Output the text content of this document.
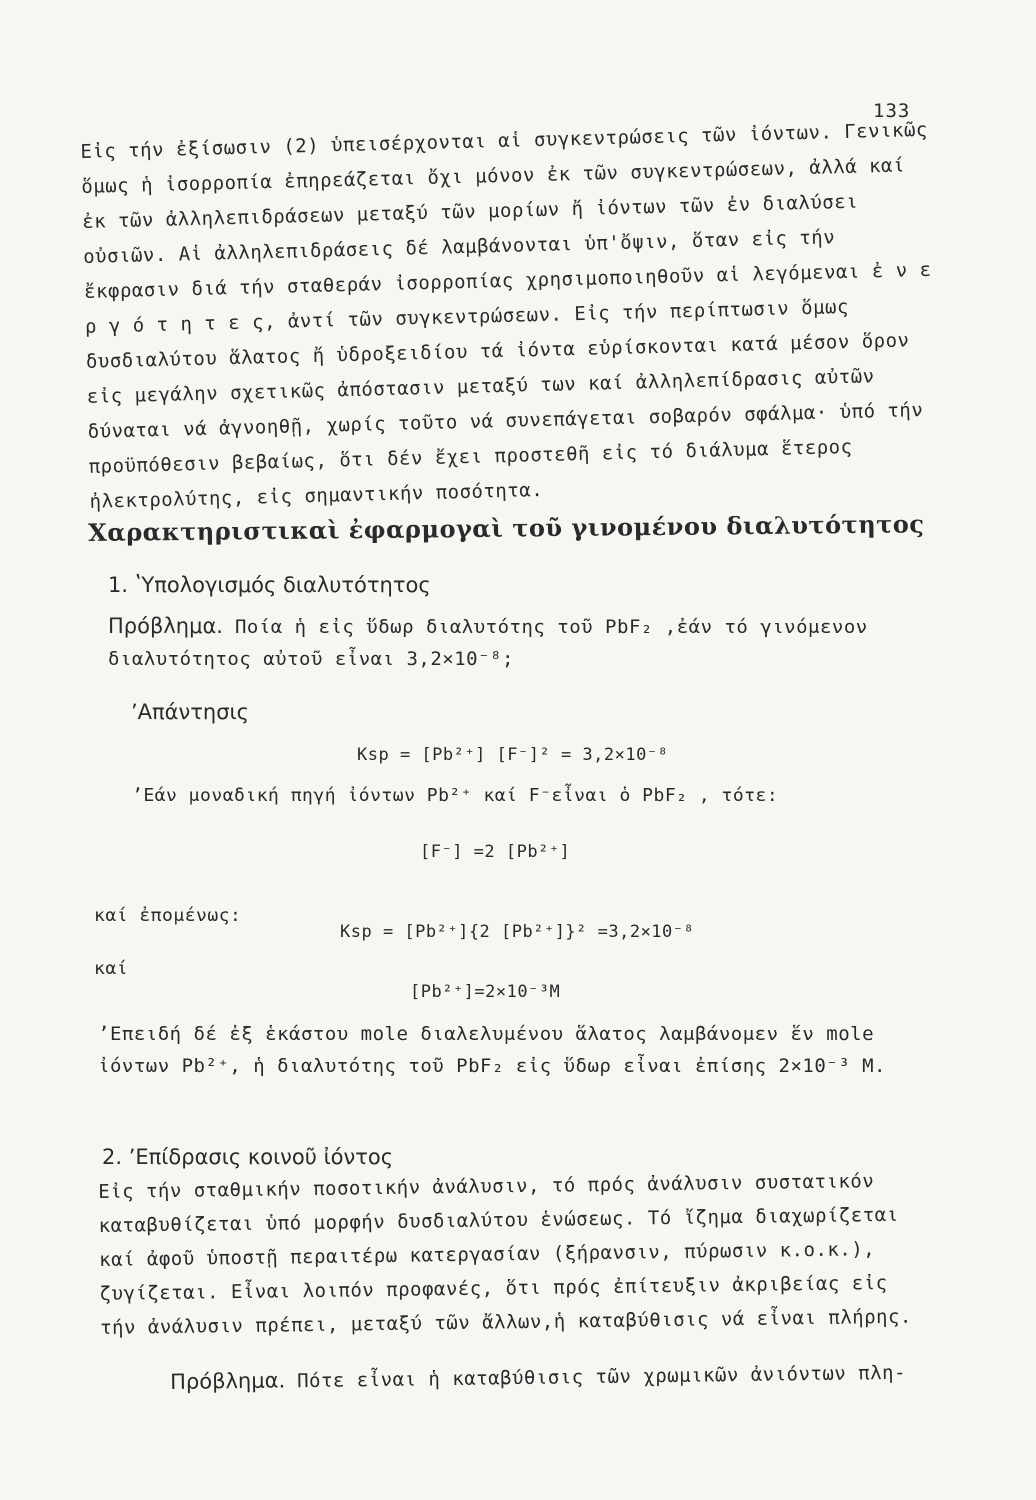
133
Εἰς τήν ἐξίσωσιν (2) ὑπεισέρχονται αἱ συγκεντρώσεις τῶν ἰόντων. Γενικῶς ὅμως ἡ ἰσορροπία ἐπηρεάζεται ὄχι μόνον ἐκ τῶν συγκεντρώσεων, ἀλλά καί ἐκ τῶν ἀλληλεπιδράσεων μεταξύ τῶν μορίων ἤ ἰόντων τῶν ἐν διαλύσει οὐσιῶν. Αἱ ἀλληλεπιδράσεις δέ λαμβάνονται ὑπ'ὄψιν, ὅταν εἰς τήν ἔκφρασιν διά τήν σταθεράν ἰσορροπίας χρησιμοποιηθοῦν αἱ λεγόμεναι ἐ ν ε ρ γ ό τ η τ ε ς, ἀντί τῶν συγκεντρώσεων. Εἰς τήν περίπτωσιν ὅμως δυσδιαλύτου ἅλατος ἤ ὑδροξειδίου τά ἰόντα εὑρίσκονται κατά μέσον ὅρον εἰς μεγάλην σχετικῶς ἀπόστασιν μεταξύ των καί ἀλληλεπίδρασις αὐτῶν δύναται νά ἀγνοηθῇ, χωρίς τοῦτο νά συνεπάγεται σοβαρόν σφάλμα· ὑπό τήν προϋπόθεσιν βεβαίως, ὅτι δέν ἔχει προστεθῆ εἰς τό διάλυμα ἕτερος ἠλεκτρολύτης, εἰς σημαντικήν ποσότητα.
Χαρακτηριστικαὶ ἐφαρμογαὶ τοῦ γινομένου διαλυτότητος
1. ʽΥπολογισμός διαλυτότητος
Πρόβλημα. Ποία ἡ εἰς ὕδωρ διαλυτότης τοῦ PbF₂ ,ἐάν τό γινόμενον διαλυτότητος αὐτοῦ εἶναι 3,2×10⁻⁸;
ʼΑπάντησις
Ksp = [Pb²⁺] [F⁻]² = 3,2×10⁻⁸
ʼΕάν μοναδική πηγή ἰόντων Pb²⁺ καί F⁻εἶναι ὁ PbF₂ , τότε:
[F⁻] =2 [Pb²⁺]
καί ἐπομένως:
Ksp = [Pb²⁺]{2 [Pb²⁺]}² =3,2×10⁻⁸
καί
[Pb²⁺]=2×10⁻³M
ʼΕπειδή δέ ἐξ ἑκάστου mole διαλελυμένου ἅλατος λαμβάνομεν ἕν mole ἰόντων Pb²⁺, ἡ διαλυτότης τοῦ PbF₂ εἰς ὕδωρ εἶναι ἐπίσης 2×10⁻³ M.
2. ʼΕπίδρασις κοινοῦ ἰόντος
Εἰς τήν σταθμικήν ποσοτικήν ἀνάλυσιν, τό πρός ἀνάλυσιν συστατικόν καταβυθίζεται ὑπό μορφήν δυσδιαλύτου ἑνώσεως. Τό ἴζημα διαχωρίζεται καί ἀφοῦ ὑποστῇ περαιτέρω κατεργασίαν (ξήρανσιν, πύρωσιν κ.ο.κ.), ζυγίζεται. Εἶναι λοιπόν προφανές, ὅτι πρός ἐπίτευξιν ἀκριβείας εἰς τήν ἀνάλυσιν πρέπει, μεταξύ τῶν ἄλλων,ἡ καταβύθισις νά εἶναι πλήρης.
Πρόβλημα. Πότε εἶναι ἡ καταβύθισις τῶν χρωμικῶν ἀνιόντων πλη-
